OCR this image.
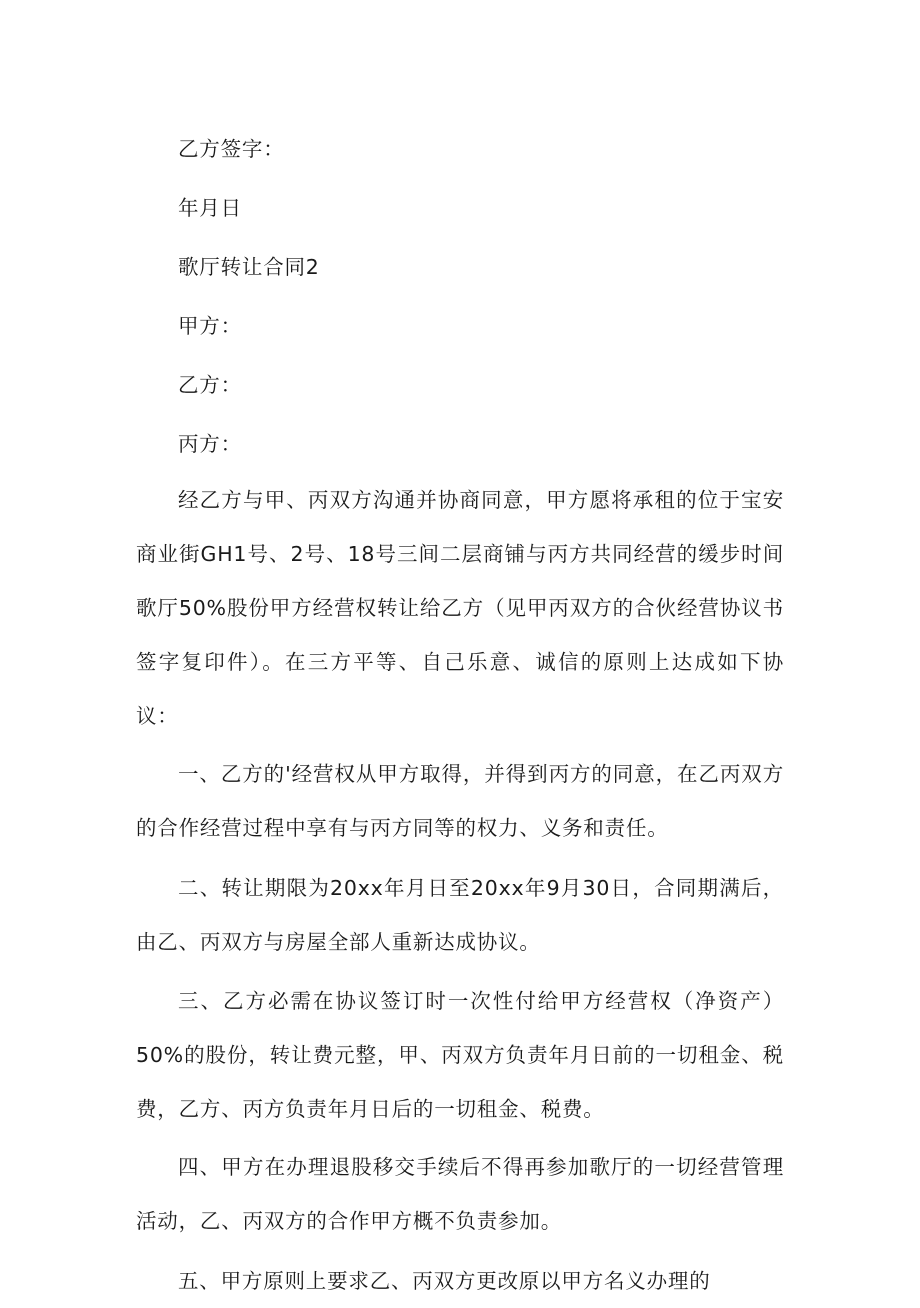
乙方签字：

年月日

歌厅转让合同2

甲方：

乙方：

丙方：

经乙方与甲、丙双方沟通并协商同意，甲方愿将承租的位于宝安商业街GH1号、2号、18号三间二层商铺与丙方共同经营的缓步时间歌厅50%股份甲方经营权转让给乙方（见甲丙双方的合伙经营协议书签字复印件）。在三方平等、自己乐意、诚信的原则上达成如下协议：

一、乙方的'经营权从甲方取得，并得到丙方的同意，在乙丙双方的合作经营过程中享有与丙方同等的权力、义务和责任。

二、转让期限为20xx年月日至20xx年9月30日，合同期满后，由乙、丙双方与房屋全部人重新达成协议。

三、乙方必需在协议签订时一次性付给甲方经营权（净资产）50%的股份，转让费元整，甲、丙双方负责年月日前的一切租金、税费，乙方、丙方负责年月日后的一切租金、税费。

四、甲方在办理退股移交手续后不得再参加歌厅的一切经营管理活动，乙、丙双方的合作甲方概不负责参加。

五、甲方原则上要求乙、丙双方更改原以甲方名义办理的
